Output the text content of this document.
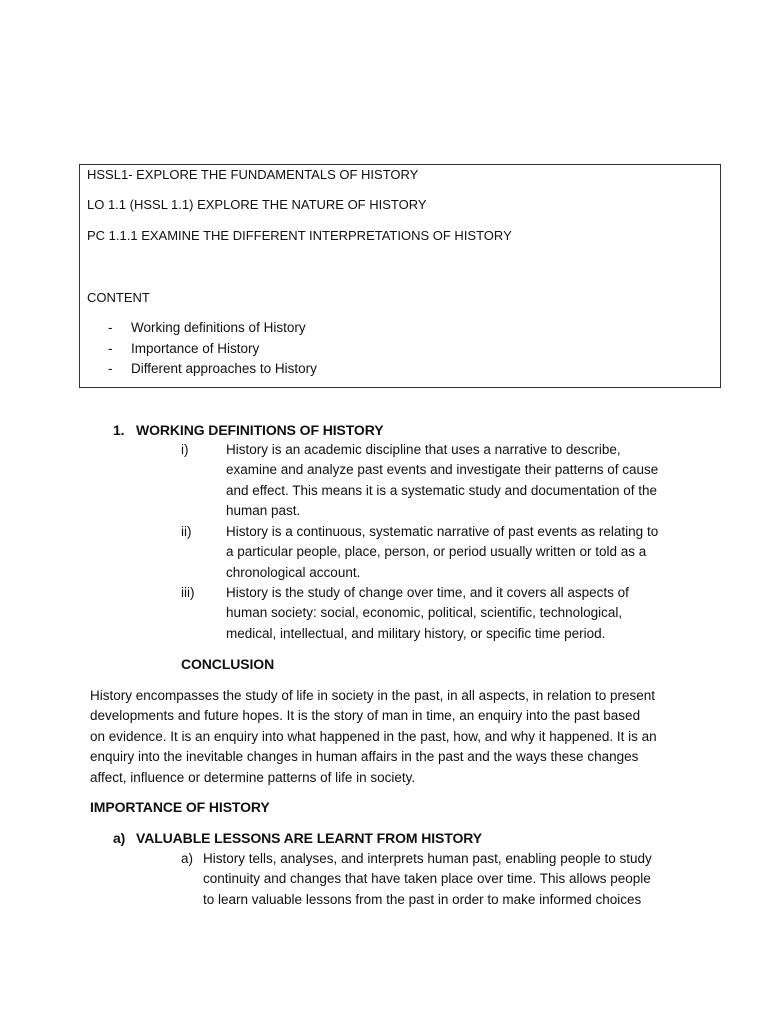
HSSL1- EXPLORE THE FUNDAMENTALS OF HISTORY
LO 1.1 (HSSL 1.1) EXPLORE THE NATURE OF HISTORY
PC 1.1.1 EXAMINE THE DIFFERENT INTERPRETATIONS OF HISTORY
CONTENT
- Working definitions of History
- Importance of History
- Different approaches to History
1. WORKING DEFINITIONS OF HISTORY
i)	History is an academic discipline that uses a narrative to describe,
examine and analyze past events and investigate their patterns of cause
and effect. This means it is a systematic study and documentation of the
human past.
ii)	History is a continuous, systematic narrative of past events as relating to
a particular people, place, person, or period usually written or told as a
chronological account.
iii) History is the study of change over time, and it covers all aspects of
human society: social, economic, political, scientific, technological,
medical, intellectual, and military history, or specific time period.
CONCLUSION
History encompasses the study of life in society in the past, in all aspects, in relation to present
developments and future hopes. It is the story of man in time, an enquiry into the past based
on evidence. It is an enquiry into what happened in the past, how, and why it happened. It is an
enquiry into the inevitable changes in human affairs in the past and the ways these changes
affect, influence or determine patterns of life in society.
IMPORTANCE OF HISTORY
a) VALUABLE LESSONS ARE LEARNT FROM HISTORY
a) History tells, analyses, and interprets human past, enabling people to study
continuity and changes that have taken place over time. This allows people
to learn valuable lessons from the past in order to make informed choices
